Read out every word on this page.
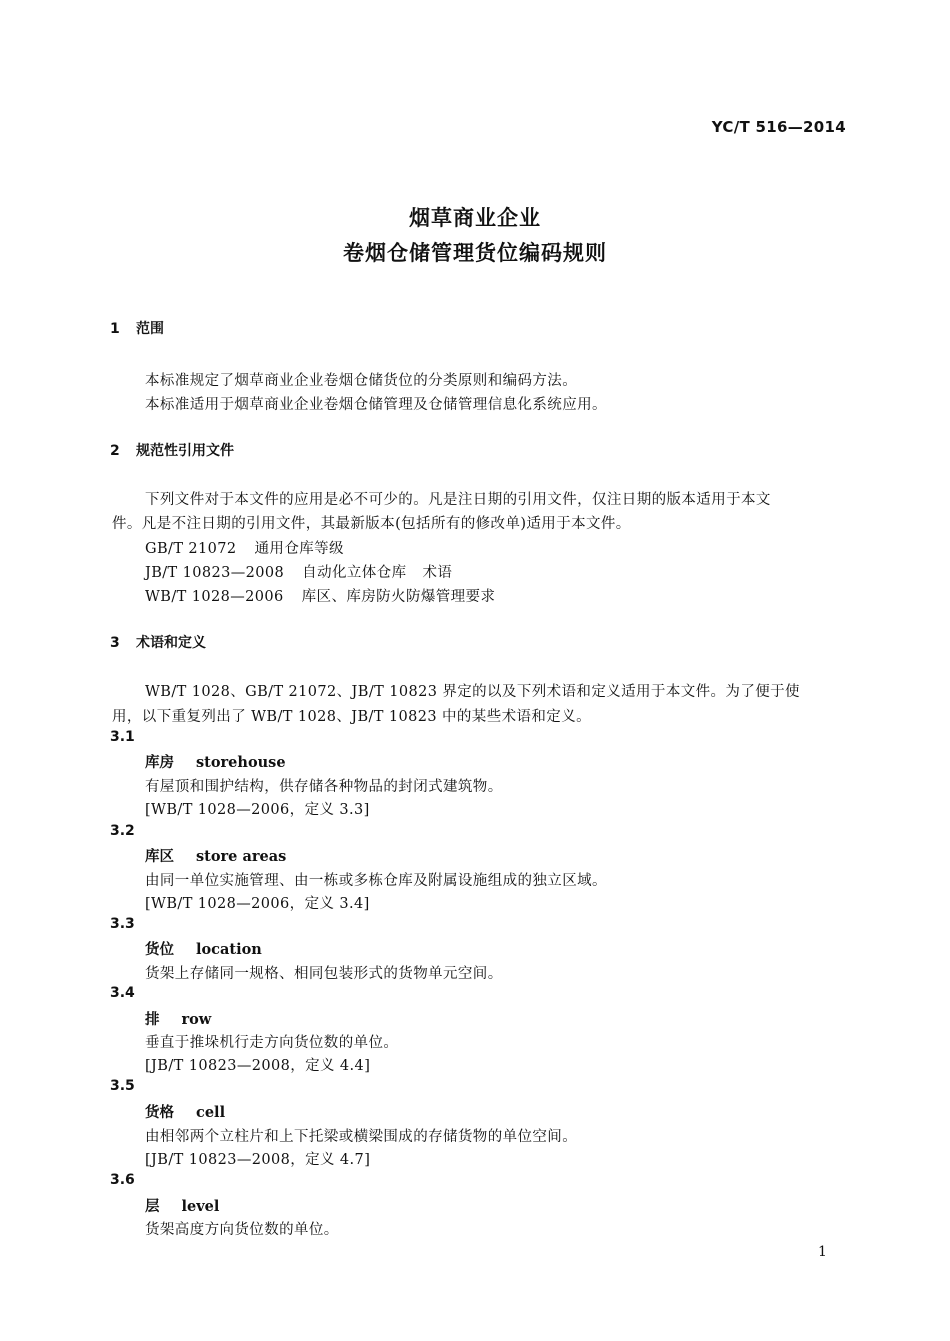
YC/T 516—2014
烟草商业企业
卷烟仓储管理货位编码规则
1 范围
本标准规定了烟草商业企业卷烟仓储货位的分类原则和编码方法。
本标准适用于烟草商业企业卷烟仓储管理及仓储管理信息化系统应用。
2 规范性引用文件
下列文件对于本文件的应用是必不可少的。凡是注日期的引用文件，仅注日期的版本适用于本文
件。凡是不注日期的引用文件，其最新版本(包括所有的修改单)适用于本文件。
GB/T 21072 通用仓库等级
JB/T 10823—2008 自动化立体仓库 术语
WB/T 1028—2006 库区、库房防火防爆管理要求
3 术语和定义
WB/T 1028、GB/T 21072、JB/T 10823 界定的以及下列术语和定义适用于本文件。为了便于使
用，以下重复列出了 WB/T 1028、JB/T 10823 中的某些术语和定义。
3.1
库房 storehouse
有屋顶和围护结构，供存储各种物品的封闭式建筑物。
[WB/T 1028—2006，定义 3.3]
3.2
库区 store areas
由同一单位实施管理、由一栋或多栋仓库及附属设施组成的独立区域。
[WB/T 1028—2006，定义 3.4]
3.3
货位 location
货架上存储同一规格、相同包装形式的货物单元空间。
3.4
排 row
垂直于推垛机行走方向货位数的单位。
[JB/T 10823—2008，定义 4.4]
3.5
货格 cell
由相邻两个立柱片和上下托梁或横梁围成的存储货物的单位空间。
[JB/T 10823—2008，定义 4.7]
3.6
层 level
货架高度方向货位数的单位。
1
